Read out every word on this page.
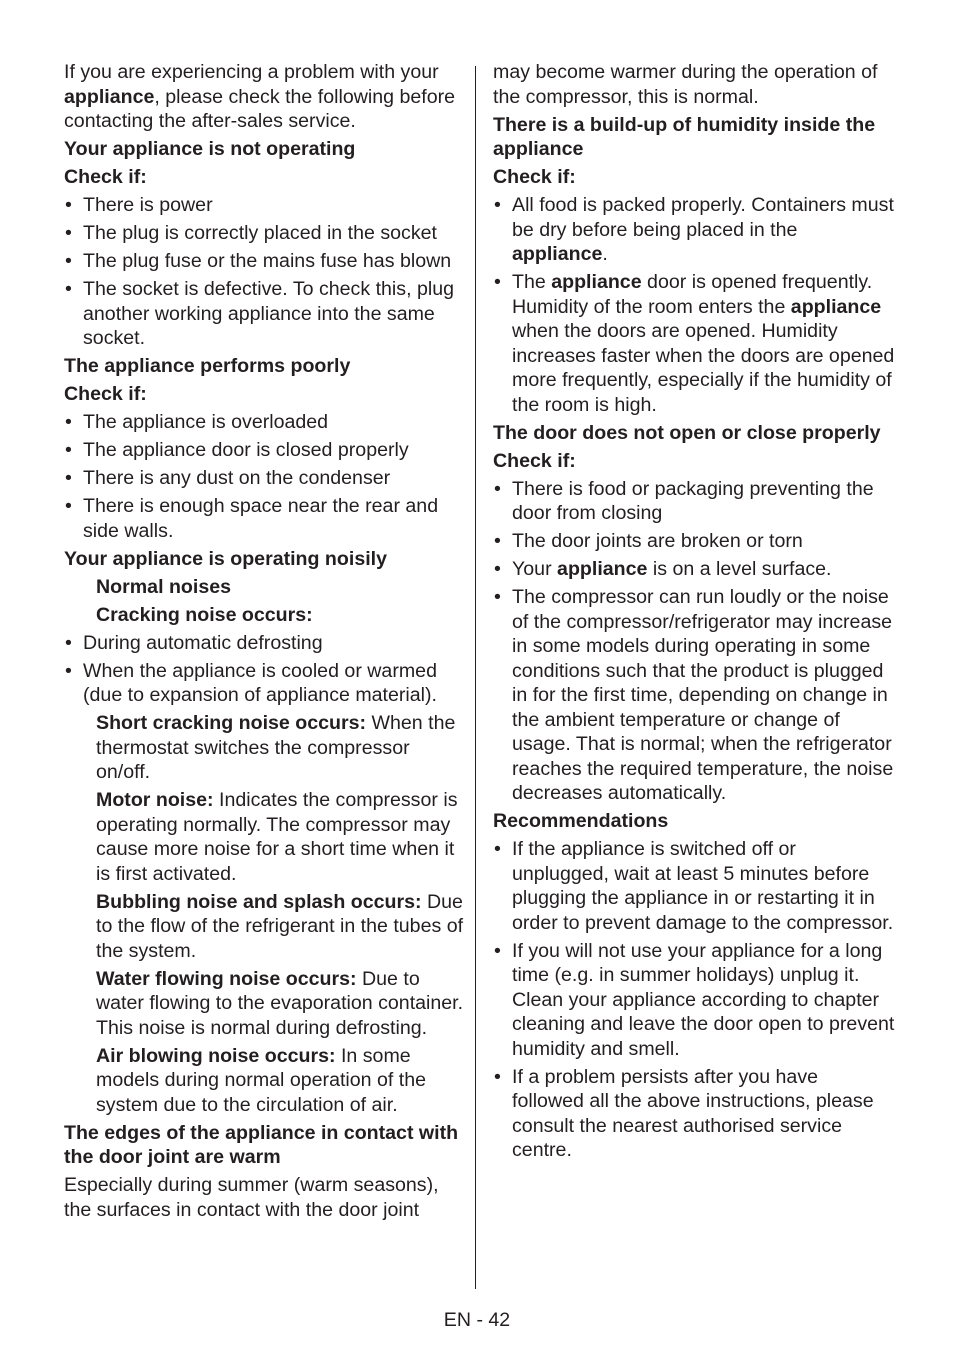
If you are experiencing a problem with your appliance, please check the following before contacting the after-sales service.

Your appliance is not operating

Check if:

• There is power
• The plug is correctly placed in the socket
• The plug fuse or the mains fuse has blown
• The socket is defective. To check this, plug another working appliance into the same socket.

The appliance performs poorly

Check if:

• The appliance is overloaded
• The appliance door is closed properly
• There is any dust on the condenser
• There is enough space near the rear and side walls.

Your appliance is operating noisily

Normal noises

Cracking noise occurs:

• During automatic defrosting
• When the appliance is cooled or warmed (due to expansion of appliance material).

Short cracking noise occurs: When the thermostat switches the compressor on/off.

Motor noise: Indicates the compressor is operating normally. The compressor may cause more noise for a short time when it is first activated.

Bubbling noise and splash occurs: Due to the flow of the refrigerant in the tubes of the system.

Water flowing noise occurs: Due to water flowing to the evaporation container. This noise is normal during defrosting.

Air blowing noise occurs: In some models during normal operation of the system due to the circulation of air.

The edges of the appliance in contact with the door joint are warm

Especially during summer (warm seasons), the surfaces in contact with the door joint

may become warmer during the operation of the compressor, this is normal.

There is a build-up of humidity inside the appliance

Check if:

• All food is packed properly. Containers must be dry before being placed in the appliance.
• The appliance door is opened frequently. Humidity of the room enters the appliance when the doors are opened. Humidity increases faster when the doors are opened more frequently, especially if the humidity of the room is high.

The door does not open or close properly

Check if:

• There is food or packaging preventing the door from closing
• The door joints are broken or torn
• Your appliance is on a level surface.
• The compressor can run loudly or the noise of the compressor/refrigerator may increase in some models during operating in some conditions such that the product is plugged in for the first time, depending on change in the ambient temperature or change of usage. That is normal; when the refrigerator reaches the required temperature, the noise decreases automatically.

Recommendations

• If the appliance is switched off or unplugged, wait at least 5 minutes before plugging the appliance in or restarting it in order to prevent damage to the compressor.
• If you will not use your appliance for a long time (e.g. in summer holidays) unplug it. Clean your appliance according to chapter cleaning and leave the door open to prevent humidity and smell.
• If a problem persists after you have followed all the above instructions, please consult the nearest authorised service centre.
EN - 42
